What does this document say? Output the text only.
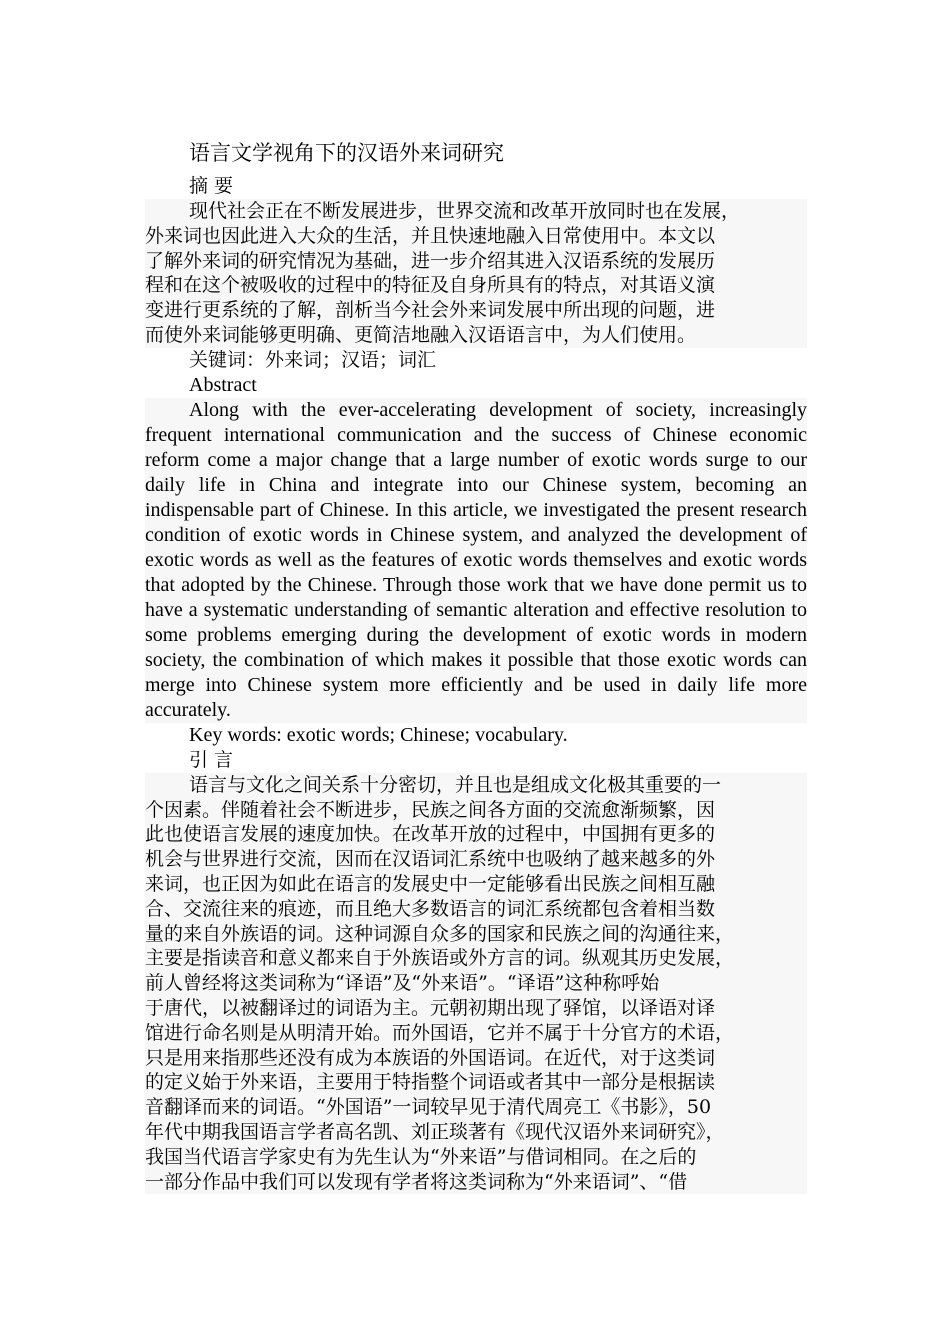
语言文学视角下的汉语外来词研究
摘 要
现代社会正在不断发展进步，世界交流和改革开放同时也在发展，
外来词也因此进入大众的生活，并且快速地融入日常使用中。本文以
了解外来词的研究情况为基础，进一步介绍其进入汉语系统的发展历
程和在这个被吸收的过程中的特征及自身所具有的特点，对其语义演
变进行更系统的了解，剖析当今社会外来词发展中所出现的问题，进
而使外来词能够更明确、更简洁地融入汉语语言中，为人们使用。
关键词：外来词；汉语；词汇
Abstract

Along with the ever-accelerating development of society, increasingly frequent international communication and the success of Chinese economic reform come a major change that a large number of exotic words surge to our daily life in China and integrate into our Chinese system, becoming an indispensable part of Chinese. In this article, we investigated the present research condition of exotic words in Chinese system, and analyzed the development of exotic words as well as the features of exotic words themselves and exotic words that adopted by the Chinese. Through those work that we have done permit us to have a systematic understanding of semantic alteration and effective resolution to some problems emerging during the development of exotic words in modern society, the combination of which makes it possible that those exotic words can merge into Chinese system more efficiently and be used in daily life more accurately.

Key words: exotic words; Chinese; vocabulary.
引 言
语言与文化之间关系十分密切，并且也是组成文化极其重要的一
个因素。伴随着社会不断进步，民族之间各方面的交流愈渐频繁，因
此也使语言发展的速度加快。在改革开放的过程中，中国拥有更多的
机会与世界进行交流，因而在汉语词汇系统中也吸纳了越来越多的外
来词，也正因为如此在语言的发展史中一定能够看出民族之间相互融
合、交流往来的痕迹，而且绝大多数语言的词汇系统都包含着相当数
量的来自外族语的词。这种词源自众多的国家和民族之间的沟通往来，
主要是指读音和意义都来自于外族语或外方言的词。纵观其历史发展，
前人曾经将这类词称为“译语”及“外来语”。“译语”这种称呼始
于唐代，以被翻译过的词语为主。元朝初期出现了驿馆，以译语对译
馆进行命名则是从明清开始。而外国语，它并不属于十分官方的术语，
只是用来指那些还没有成为本族语的外国语词。在近代，对于这类词
的定义始于外来语，主要用于特指整个词语或者其中一部分是根据读
音翻译而来的词语。“外国语”一词较早见于清代周亮工《书影》，50
年代中期我国语言学者高名凯、刘正琰著有《现代汉语外来词研究》，
我国当代语言学家史有为先生认为“外来语”与借词相同。在之后的
一部分作品中我们可以发现有学者将这类词称为“外来语词”、“借
